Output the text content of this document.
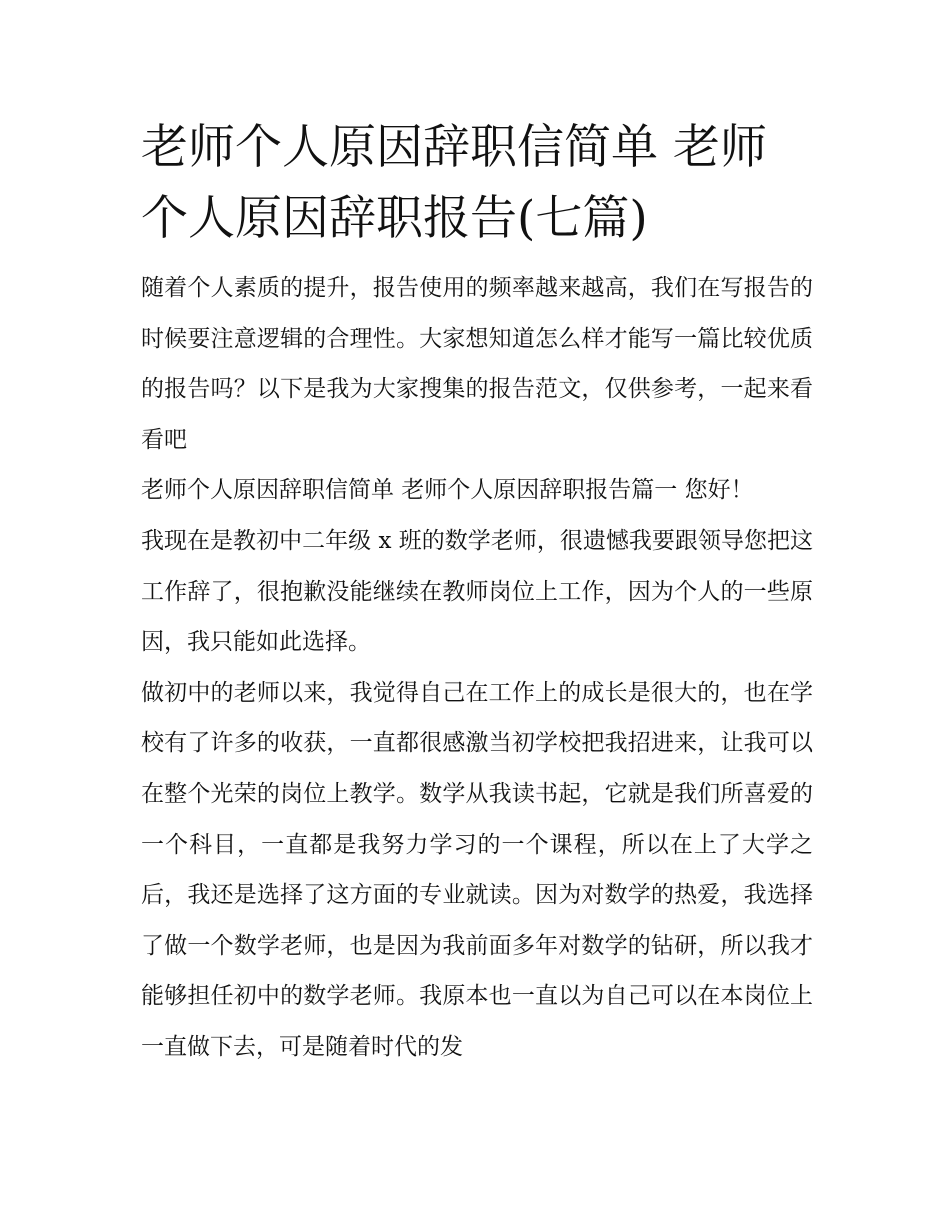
老师个人原因辞职信简单 老师
个人原因辞职报告(七篇)

随着个人素质的提升，报告使用的频率越来越高，我们在写报告的时候要注意逻辑的合理性。大家想知道怎么样才能写一篇比较优质的报告吗？以下是我为大家搜集的报告范文，仅供参考，一起来看看吧

老师个人原因辞职信简单 老师个人原因辞职报告篇一 您好！

我现在是教初中二年级 x 班的数学老师，很遗憾我要跟领导您把这工作辞了，很抱歉没能继续在教师岗位上工作，因为个人的一些原因，我只能如此选择。

做初中的老师以来，我觉得自己在工作上的成长是很大的，也在学校有了许多的收获，一直都很感激当初学校把我招进来，让我可以在整个光荣的岗位上教学。数学从我读书起，它就是我们所喜爱的一个科目，一直都是我努力学习的一个课程，所以在上了大学之后，我还是选择了这方面的专业就读。因为对数学的热爱，我选择了做一个数学老师，也是因为我前面多年对数学的钻研，所以我才能够担任初中的数学老师。我原本也一直以为自己可以在本岗位上一直做下去，可是随着时代的发
